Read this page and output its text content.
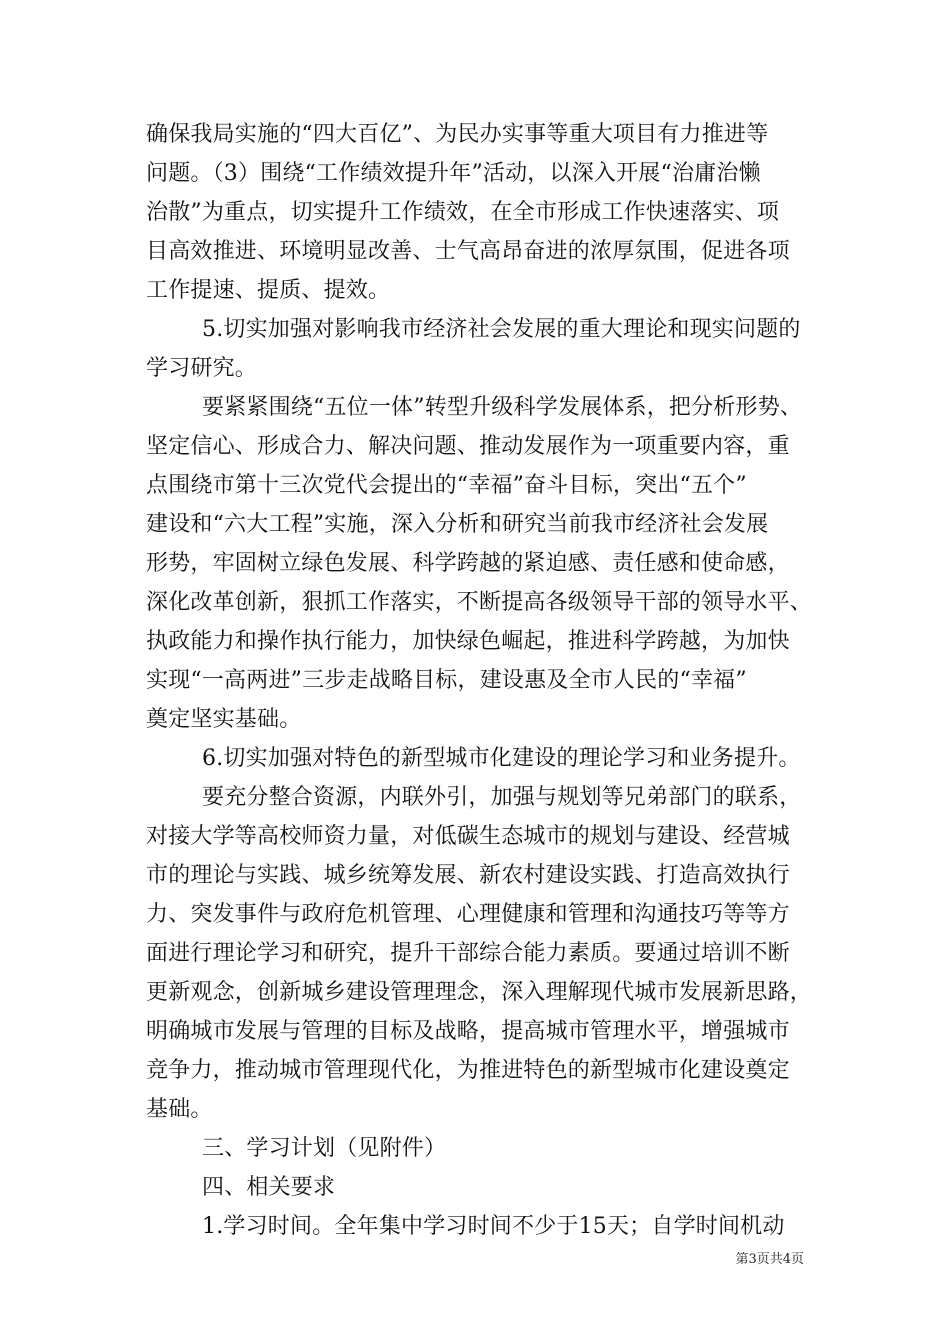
确保我局实施的“四大百亿”、为民办实事等重大项目有力推进等
问题。（3）围绕“工作绩效提升年”活动，以深入开展“治庸治懒
治散”为重点，切实提升工作绩效，在全市形成工作快速落实、项
目高效推进、环境明显改善、士气高昂奋进的浓厚氛围，促进各项
工作提速、提质、提效。
5.切实加强对影响我市经济社会发展的重大理论和现实问题的
学习研究。
要紧紧围绕“五位一体”转型升级科学发展体系，把分析形势、
坚定信心、形成合力、解决问题、推动发展作为一项重要内容，重
点围绕市第十三次党代会提出的“幸福”奋斗目标，突出“五个”
建设和“六大工程”实施，深入分析和研究当前我市经济社会发展
形势，牢固树立绿色发展、科学跨越的紧迫感、责任感和使命感，
深化改革创新，狠抓工作落实，不断提高各级领导干部的领导水平、
执政能力和操作执行能力，加快绿色崛起，推进科学跨越，为加快
实现“一高两进”三步走战略目标，建设惠及全市人民的“幸福”
奠定坚实基础。
6.切实加强对特色的新型城市化建设的理论学习和业务提升。
要充分整合资源，内联外引，加强与规划等兄弟部门的联系，
对接大学等高校师资力量，对低碳生态城市的规划与建设、经营城
市的理论与实践、城乡统筹发展、新农村建设实践、打造高效执行
力、突发事件与政府危机管理、心理健康和管理和沟通技巧等等方
面进行理论学习和研究，提升干部综合能力素质。要通过培训不断
更新观念，创新城乡建设管理理念，深入理解现代城市发展新思路，
明确城市发展与管理的目标及战略，提高城市管理水平，增强城市
竞争力，推动城市管理现代化，为推进特色的新型城市化建设奠定
基础。
三、学习计划（见附件）
四、相关要求
1.学习时间。全年集中学习时间不少于15天；自学时间机动
第3页共4页
